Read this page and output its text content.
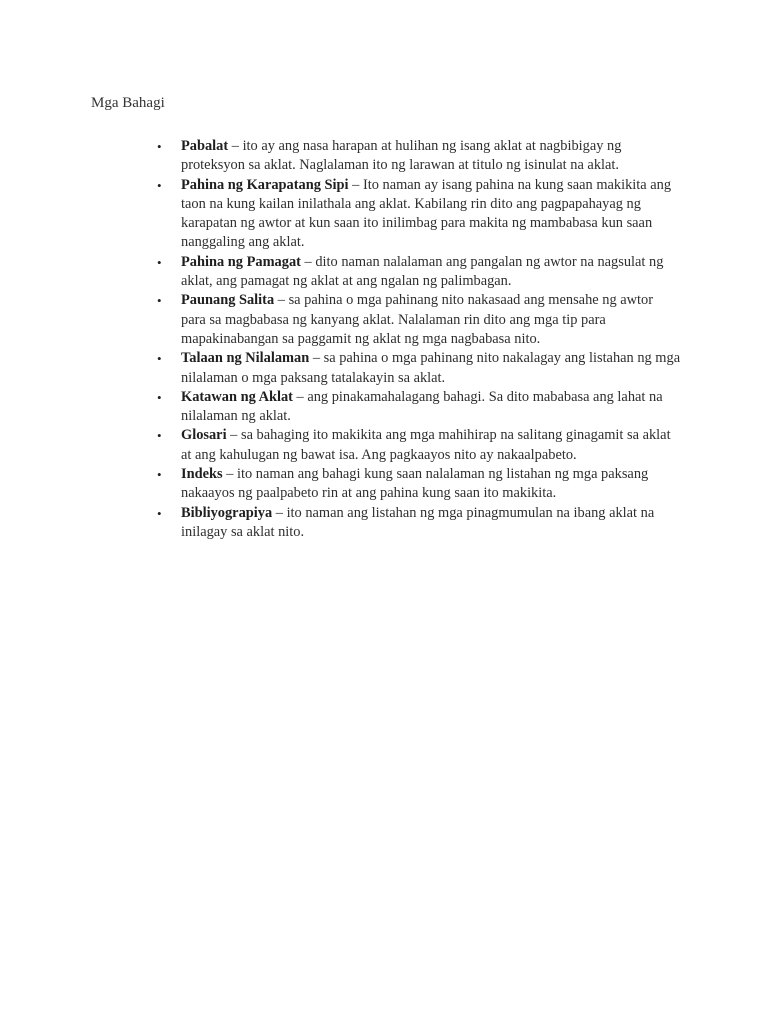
Mga Bahagi
• Pabalat – ito ay ang nasa harapan at hulihan ng isang aklat at nagbibigay ng proteksyon sa aklat. Naglalaman ito ng larawan at titulo ng isinulat na aklat.
• Pahina ng Karapatang Sipi – Ito naman ay isang pahina na kung saan makikita ang taon na kung kailan inilathala ang aklat. Kabilang rin dito ang pagpapahayag ng karapatan ng awtor at kun saan ito inilimbag para makita ng mambabasa kun saan nanggaling ang aklat.
• Pahina ng Pamagat – dito naman nalalaman ang pangalan ng awtor na nagsulat ng aklat, ang pamagat ng aklat at ang ngalan ng palimbagan.
• Paunang Salita – sa pahina o mga pahinang nito nakasaad ang mensahe ng awtor para sa magbabasa ng kanyang aklat. Nalalaman rin dito ang mga tip para mapakinabangan sa paggamit ng aklat ng mga nagbabasa nito.
• Talaan ng Nilalaman – sa pahina o mga pahinang nito nakalagay ang listahan ng mga nilalaman o mga paksang tatalakayin sa aklat.
• Katawan ng Aklat – ang pinakamahalagang bahagi. Sa dito mababasa ang lahat na nilalaman ng aklat.
• Glosari – sa bahaging ito makikita ang mga mahihirap na salitang ginagamit sa aklat at ang kahulugan ng bawat isa. Ang pagkaayos nito ay nakaalpabeto.
• Indeks – ito naman ang bahagi kung saan nalalaman ng listahan ng mga paksang nakaayos ng paalpabeto rin at ang pahina kung saan ito makikita.
• Bibliyograpiya – ito naman ang listahan ng mga pinagmumulan na ibang aklat na inilagay sa aklat nito.
